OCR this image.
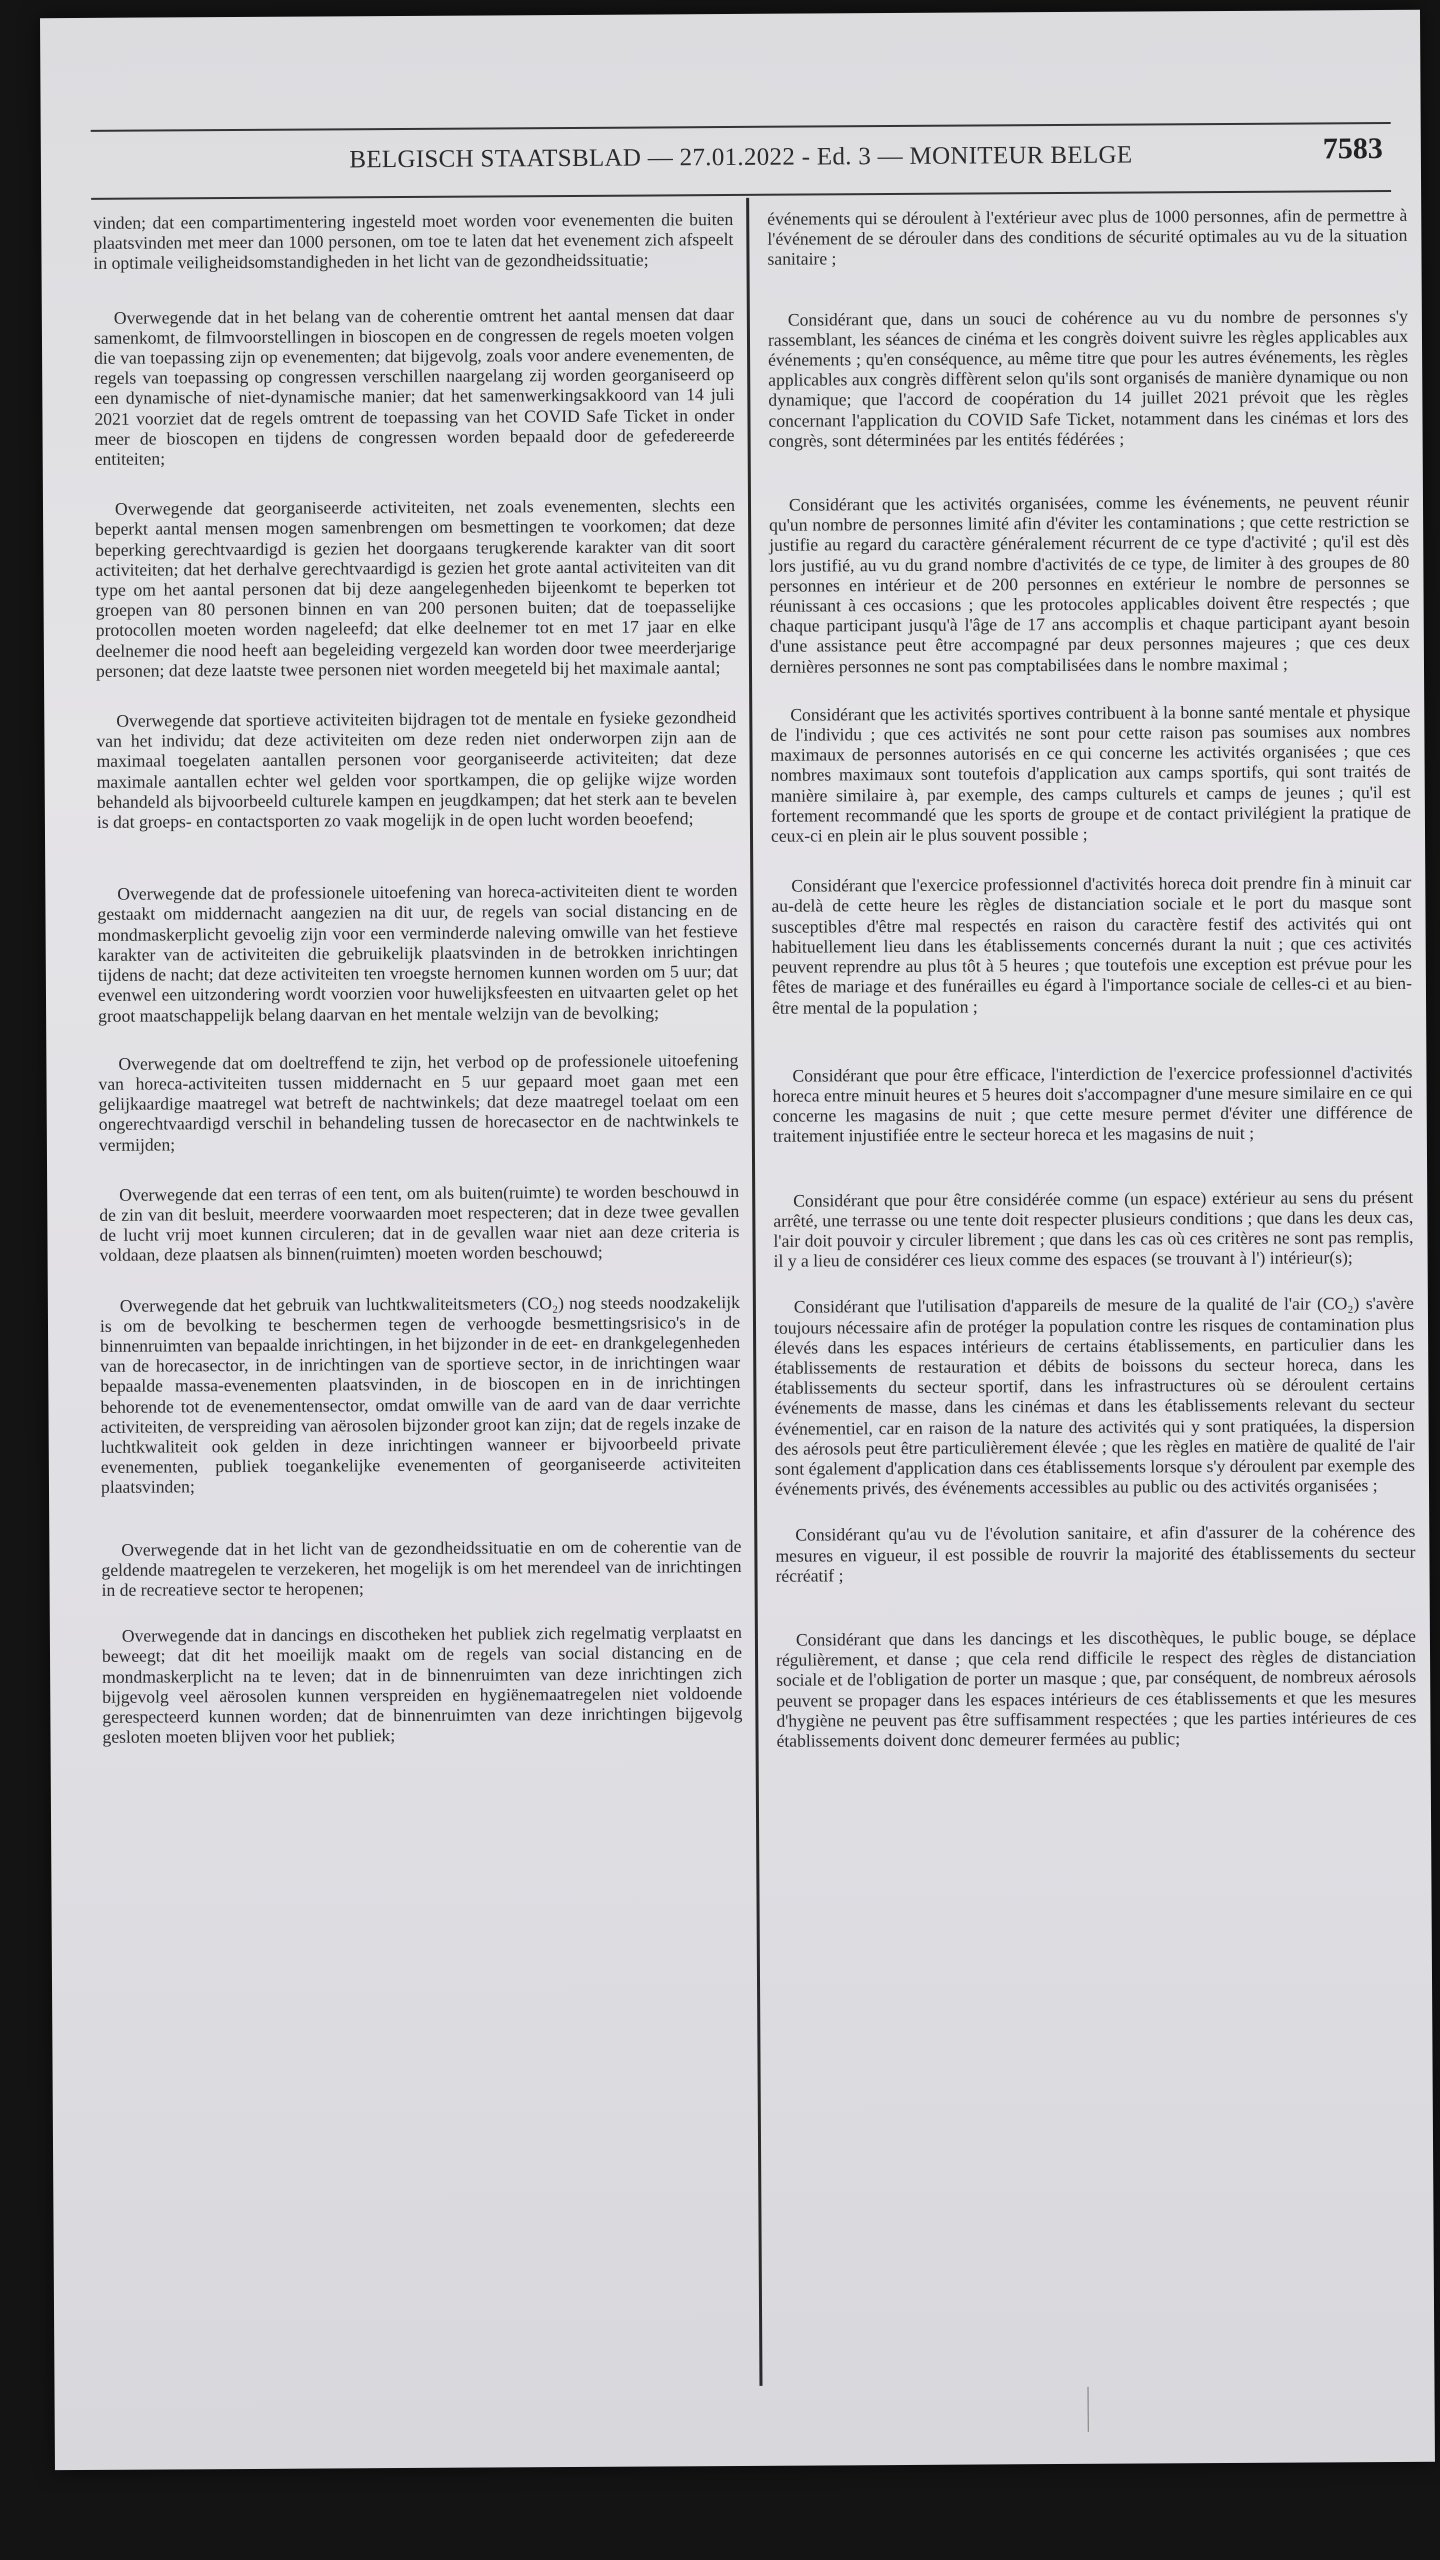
BELGISCH STAATSBLAD — 27.01.2022 - Ed. 3 — MONITEUR BELGE	7583

vinden; dat een compartimentering ingesteld moet worden voor evenementen die buiten plaatsvinden met meer dan 1000 personen, om toe te laten dat het evenement zich afspeelt in optimale veiligheidsomstandigheden in het licht van de gezondheidssituatie;

Overwegende dat in het belang van de coherentie omtrent het aantal mensen dat daar samenkomt, de filmvoorstellingen in bioscopen en de congressen de regels moeten volgen die van toepassing zijn op evenementen; dat bijgevolg, zoals voor andere evenementen, de regels van toepassing op congressen verschillen naargelang zij worden georganiseerd op een dynamische of niet-dynamische manier; dat het samenwerkingsakkoord van 14 juli 2021 voorziet dat de regels omtrent de toepassing van het COVID Safe Ticket in onder meer de bioscopen en tijdens de congressen worden bepaald door de gefedereerde entiteiten;

Overwegende dat georganiseerde activiteiten, net zoals evenementen, slechts een beperkt aantal mensen mogen samenbrengen om besmettingen te voorkomen; dat deze beperking gerechtvaardigd is gezien het doorgaans terugkerende karakter van dit soort activiteiten; dat het derhalve gerechtvaardigd is gezien het grote aantal activiteiten van dit type om het aantal personen dat bij deze aangelegenheden bijeenkomt te beperken tot groepen van 80 personen binnen en van 200 personen buiten; dat de toepasselijke protocollen moeten worden nageleefd; dat elke deelnemer tot en met 17 jaar en elke deelnemer die nood heeft aan begeleiding vergezeld kan worden door twee meerderjarige personen; dat deze laatste twee personen niet worden meegeteld bij het maximale aantal;

Overwegende dat sportieve activiteiten bijdragen tot de mentale en fysieke gezondheid van het individu; dat deze activiteiten om deze reden niet onderworpen zijn aan de maximaal toegelaten aantallen personen voor georganiseerde activiteiten; dat deze maximale aantallen echter wel gelden voor sportkampen, die op gelijke wijze worden behandeld als bijvoorbeeld culturele kampen en jeugdkampen; dat het sterk aan te bevelen is dat groeps- en contactsporten zo vaak mogelijk in de open lucht worden beoefend;

Overwegende dat de professionele uitoefening van horeca-activiteiten dient te worden gestaakt om middernacht aangezien na dit uur, de regels van social distancing en de mondmaskerplicht gevoelig zijn voor een verminderde naleving omwille van het festieve karakter van de activiteiten die gebruikelijk plaatsvinden in de betrokken inrichtingen tijdens de nacht; dat deze activiteiten ten vroegste hernomen kunnen worden om 5 uur; dat evenwel een uitzondering wordt voorzien voor huwelijksfeesten en uitvaarten gelet op het groot maatschappelijk belang daarvan en het mentale welzijn van de bevolking;

Overwegende dat om doeltreffend te zijn, het verbod op de professionele uitoefening van horeca-activiteiten tussen middernacht en 5 uur gepaard moet gaan met een gelijkaardige maatregel wat betreft de nachtwinkels; dat deze maatregel toelaat om een ongerechtvaardigd verschil in behandeling tussen de horecasector en de nachtwinkels te vermijden;

Overwegende dat een terras of een tent, om als buiten(ruimte) te worden beschouwd in de zin van dit besluit, meerdere voorwaarden moet respecteren; dat in deze twee gevallen de lucht vrij moet kunnen circuleren; dat in de gevallen waar niet aan deze criteria is voldaan, deze plaatsen als binnen(ruimten) moeten worden beschouwd;

Overwegende dat het gebruik van luchtkwaliteitsmeters (CO₂) nog steeds noodzakelijk is om de bevolking te beschermen tegen de verhoogde besmettingsrisico's in de binnenruimten van bepaalde inrichtingen, in het bijzonder in de eet- en drankgelegenheden van de horecasector, in de inrichtingen van de sportieve sector, in de inrichtingen waar bepaalde massa-evenementen plaatsvinden, in de bioscopen en in de inrichtingen behorende tot de evenementensector, omdat omwille van de aard van de daar verrichte activiteiten, de verspreiding van aërosolen bijzonder groot kan zijn; dat de regels inzake de luchtkwaliteit ook gelden in deze inrichtingen wanneer er bijvoorbeeld private evenementen, publiek toegankelijke evenementen of georganiseerde activiteiten plaatsvinden;

Overwegende dat in het licht van de gezondheidssituatie en om de coherentie van de geldende maatregelen te verzekeren, het mogelijk is om het merendeel van de inrichtingen in de recreatieve sector te heropenen;

Overwegende dat in dancings en discotheken het publiek zich regelmatig verplaatst en beweegt; dat dit het moeilijk maakt om de regels van social distancing en de mondmaskerplicht na te leven; dat in de binnenruimten van deze inrichtingen zich bijgevolg veel aërosolen kunnen verspreiden en hygiënemaatregelen niet voldoende gerespecteerd kunnen worden; dat de binnenruimten van deze inrichtingen bijgevolg gesloten moeten blijven voor het publiek;

événements qui se déroulent à l'extérieur avec plus de 1000 personnes, afin de permettre à l'événement de se dérouler dans des conditions de sécurité optimales au vu de la situation sanitaire ;

Considérant que, dans un souci de cohérence au vu du nombre de personnes s'y rassemblant, les séances de cinéma et les congrès doivent suivre les règles applicables aux événements ; qu'en conséquence, au même titre que pour les autres événements, les règles applicables aux congrès diffèrent selon qu'ils sont organisés de manière dynamique ou non dynamique; que l'accord de coopération du 14 juillet 2021 prévoit que les règles concernant l'application du COVID Safe Ticket, notamment dans les cinémas et lors des congrès, sont déterminées par les entités fédérées ;

Considérant que les activités organisées, comme les événements, ne peuvent réunir qu'un nombre de personnes limité afin d'éviter les contaminations ; que cette restriction se justifie au regard du caractère généralement récurrent de ce type d'activité ; qu'il est dès lors justifié, au vu du grand nombre d'activités de ce type, de limiter à des groupes de 80 personnes en intérieur et de 200 personnes en extérieur le nombre de personnes se réunissant à ces occasions ; que les protocoles applicables doivent être respectés ; que chaque participant jusqu'à l'âge de 17 ans accomplis et chaque participant ayant besoin d'une assistance peut être accompagné par deux personnes majeures ; que ces deux dernières personnes ne sont pas comptabilisées dans le nombre maximal ;

Considérant que les activités sportives contribuent à la bonne santé mentale et physique de l'individu ; que ces activités ne sont pour cette raison pas soumises aux nombres maximaux de personnes autorisés en ce qui concerne les activités organisées ; que ces nombres maximaux sont toutefois d'application aux camps sportifs, qui sont traités de manière similaire à, par exemple, des camps culturels et camps de jeunes ; qu'il est fortement recommandé que les sports de groupe et de contact privilégient la pratique de ceux-ci en plein air le plus souvent possible ;

Considérant que l'exercice professionnel d'activités horeca doit prendre fin à minuit car au-delà de cette heure les règles de distanciation sociale et le port du masque sont susceptibles d'être mal respectés en raison du caractère festif des activités qui ont habituellement lieu dans les établissements concernés durant la nuit ; que ces activités peuvent reprendre au plus tôt à 5 heures ; que toutefois une exception est prévue pour les fêtes de mariage et des funérailles eu égard à l'importance sociale de celles-ci et au bien-être mental de la population ;

Considérant que pour être efficace, l'interdiction de l'exercice professionnel d'activités horeca entre minuit heures et 5 heures doit s'accompagner d'une mesure similaire en ce qui concerne les magasins de nuit ; que cette mesure permet d'éviter une différence de traitement injustifiée entre le secteur horeca et les magasins de nuit ;

Considérant que pour être considérée comme (un espace) extérieur au sens du présent arrêté, une terrasse ou une tente doit respecter plusieurs conditions ; que dans les deux cas, l'air doit pouvoir y circuler librement ; que dans les cas où ces critères ne sont pas remplis, il y a lieu de considérer ces lieux comme des espaces (se trouvant à l') intérieur(s);

Considérant que l'utilisation d'appareils de mesure de la qualité de l'air (CO₂) s'avère toujours nécessaire afin de protéger la population contre les risques de contamination plus élevés dans les espaces intérieurs de certains établissements, en particulier dans les établissements de restauration et débits de boissons du secteur horeca, dans les établissements du secteur sportif, dans les infrastructures où se déroulent certains événements de masse, dans les cinémas et dans les établissements relevant du secteur événementiel, car en raison de la nature des activités qui y sont pratiquées, la dispersion des aérosols peut être particulièrement élevée ; que les règles en matière de qualité de l'air sont également d'application dans ces établissements lorsque s'y déroulent par exemple des événements privés, des événements accessibles au public ou des activités organisées ;

Considérant qu'au vu de l'évolution sanitaire, et afin d'assurer de la cohérence des mesures en vigueur, il est possible de rouvrir la majorité des établissements du secteur récréatif ;

Considérant que dans les dancings et les discothèques, le public bouge, se déplace régulièrement, et danse ; que cela rend difficile le respect des règles de distanciation sociale et de l'obligation de porter un masque ; que, par conséquent, de nombreux aérosols peuvent se propager dans les espaces intérieurs de ces établissements et que les mesures d'hygiène ne peuvent pas être suffisamment respectées ; que les parties intérieures de ces établissements doivent donc demeurer fermées au public;
